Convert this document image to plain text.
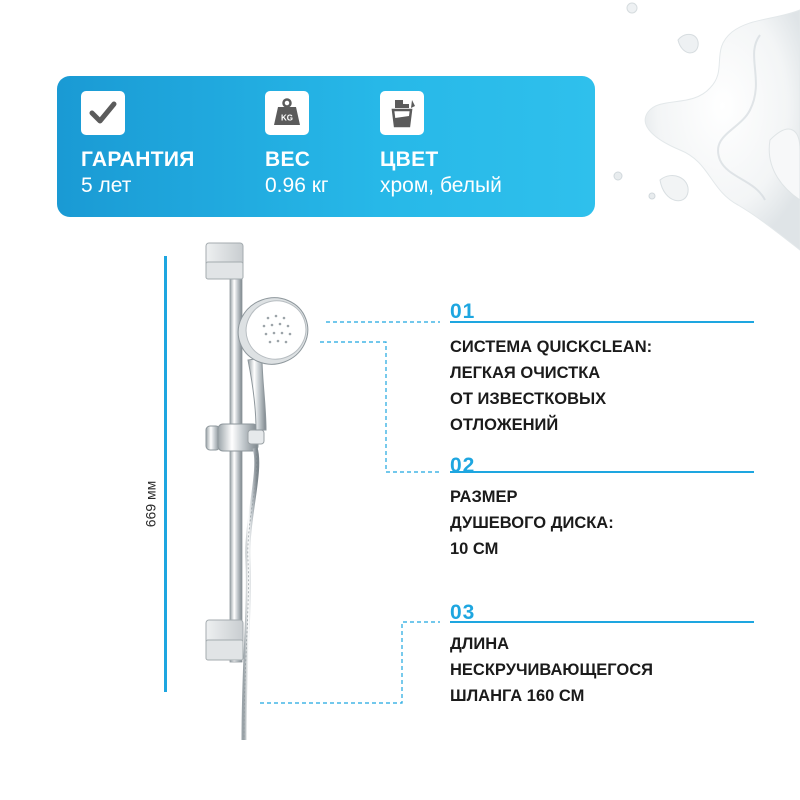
ГАРАНТИЯ
5 лет
KG
ВЕС
0.96 кг
ЦВЕТ
хром, белый
669 мм
01
СИСТЕМА QUICKCLEAN:
ЛЕГКАЯ ОЧИСТКА
ОТ ИЗВЕСТКОВЫХ
ОТЛОЖЕНИЙ
02
РАЗМЕР
ДУШЕВОГО ДИСКА:
10 СМ
03
ДЛИНА
НЕСКРУЧИВАЮЩЕГОСЯ
ШЛАНГА 160 СМ
